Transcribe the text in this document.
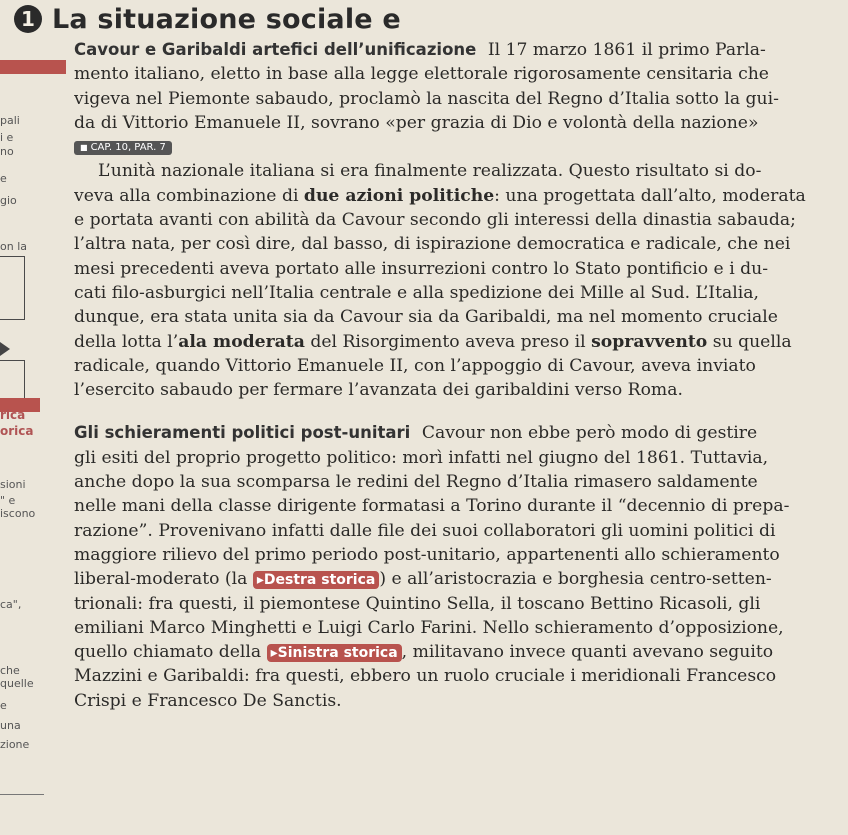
1 La situazione sociale e
pali
i e
no
e
gio
on la
rica
orica
sioni
" e
iscono
ca",
che
quelle
e
una
zione
Cavour e Garibaldi artefici dell’unificazione Il 17 marzo 1861 il primo Parla-
mento italiano, eletto in base alla legge elettorale rigorosamente censitaria che
vigeva nel Piemonte sabaudo, proclamò la nascita del Regno d’Italia sotto la gui-
da di Vittorio Emanuele II, sovrano «per grazia di Dio e volontà della nazione»
■ CAP. 10, PAR. 7
L’unità nazionale italiana si era finalmente realizzata. Questo risultato si do-
veva alla combinazione di due azioni politiche: una progettata dall’alto, moderata
e portata avanti con abilità da Cavour secondo gli interessi della dinastia sabauda;
l’altra nata, per così dire, dal basso, di ispirazione democratica e radicale, che nei
mesi precedenti aveva portato alle insurrezioni contro lo Stato pontificio e i du-
cati filo-asburgici nell’Italia centrale e alla spedizione dei Mille al Sud. L’Italia,
dunque, era stata unita sia da Cavour sia da Garibaldi, ma nel momento cruciale
della lotta l’ala moderata del Risorgimento aveva preso il sopravvento su quella
radicale, quando Vittorio Emanuele II, con l’appoggio di Cavour, aveva inviato
l’esercito sabaudo per fermare l’avanzata dei garibaldini verso Roma.
Gli schieramenti politici post-unitari Cavour non ebbe però modo di gestire
gli esiti del proprio progetto politico: morì infatti nel giugno del 1861. Tuttavia,
anche dopo la sua scomparsa le redini del Regno d’Italia rimasero saldamente
nelle mani della classe dirigente formatasi a Torino durante il “decennio di prepa-
razione”. Provenivano infatti dalle file dei suoi collaboratori gli uomini politici di
maggiore rilievo del primo periodo post-unitario, appartenenti allo schieramento
liberal-moderato (la ▸Destra storica ) e all’aristocrazia e borghesia centro-setten-
trionali: fra questi, il piemontese Quintino Sella, il toscano Bettino Ricasoli, gli
emiliani Marco Minghetti e Luigi Carlo Farini. Nello schieramento d’opposizione,
quello chiamato della ▸Sinistra storica , militavano invece quanti avevano seguito
Mazzini e Garibaldi: fra questi, ebbero un ruolo cruciale i meridionali Francesco
Crispi e Francesco De Sanctis.
